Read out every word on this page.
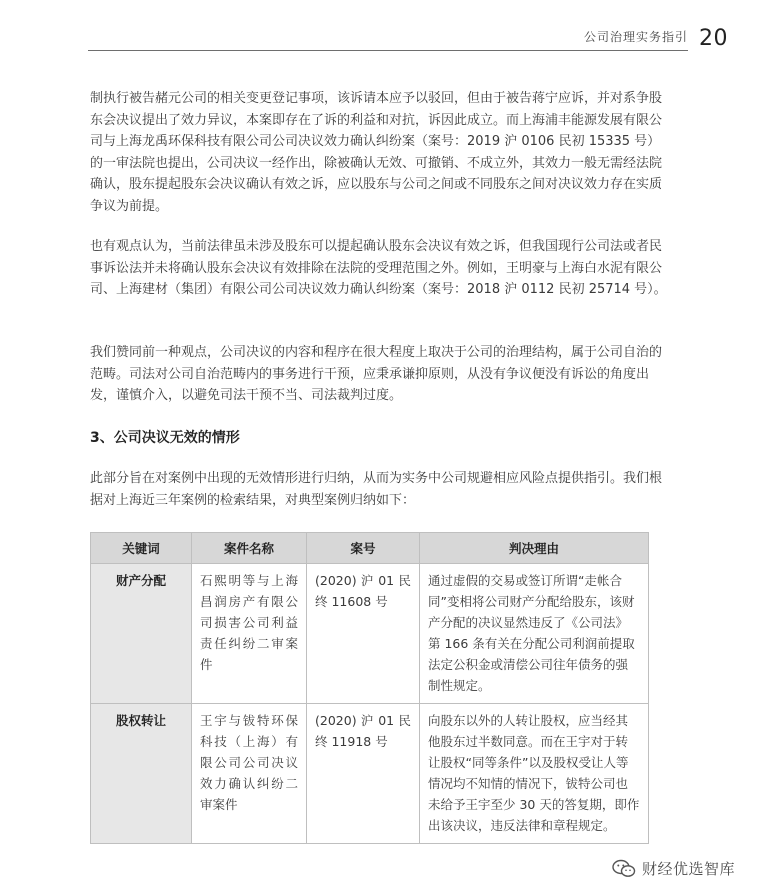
公司治理实务指引 20

制执行被告赭元公司的相关变更登记事项，该诉请本应予以驳回，但由于被告蒋宁应诉，并对系争股东会决议提出了效力异议，本案即存在了诉的利益和对抗，诉因此成立。而上海浦丰能源发展有限公司与上海龙禹环保科技有限公司公司决议效力确认纠纷案（案号：2019 沪 0106 民初 15335 号）的一审法院也提出，公司决议一经作出，除被确认无效、可撤销、不成立外，其效力一般无需经法院确认，股东提起股东会决议确认有效之诉，应以股东与公司之间或不同股东之间对决议效力存在实质争议为前提。

也有观点认为，当前法律虽未涉及股东可以提起确认股东会决议有效之诉，但我国现行公司法或者民事诉讼法并未将确认股东会决议有效排除在法院的受理范围之外。例如，王明豪与上海白水泥有限公司、上海建材（集团）有限公司公司决议效力确认纠纷案（案号：2018 沪 0112 民初 25714 号）。

我们赞同前一种观点，公司决议的内容和程序在很大程度上取决于公司的治理结构，属于公司自治的范畴。司法对公司自治范畴内的事务进行干预，应秉承谦抑原则，从没有争议便没有诉讼的角度出发，谨慎介入，以避免司法干预不当、司法裁判过度。

3、公司决议无效的情形

此部分旨在对案例中出现的无效情形进行归纳，从而为实务中公司规避相应风险点提供指引。我们根据对上海近三年案例的检索结果，对典型案例归纳如下：

关键词	案件名称	案号	判决理由
财产分配	石熙明等与上海昌润房产有限公司损害公司利益责任纠纷二审案件	(2020) 沪 01 民终 11608 号	通过虚假的交易或签订所谓“走帐合同”变相将公司财产分配给股东，该财产分配的决议显然违反了《公司法》第 166 条有关在分配公司利润前提取法定公积金或清偿公司往年债务的强制性规定。
股权转让	王宇与钹特环保科技（上海）有限公司公司决议效力确认纠纷二审案件	(2020) 沪 01 民终 11918 号	向股东以外的人转让股权，应当经其他股东过半数同意。而在王宇对于转让股权“同等条件”以及股权受让人等情况均不知情的情况下，钹特公司也未给予王宇至少 30 天的答复期，即作出该决议，违反法律和章程规定。
财经优选智库
